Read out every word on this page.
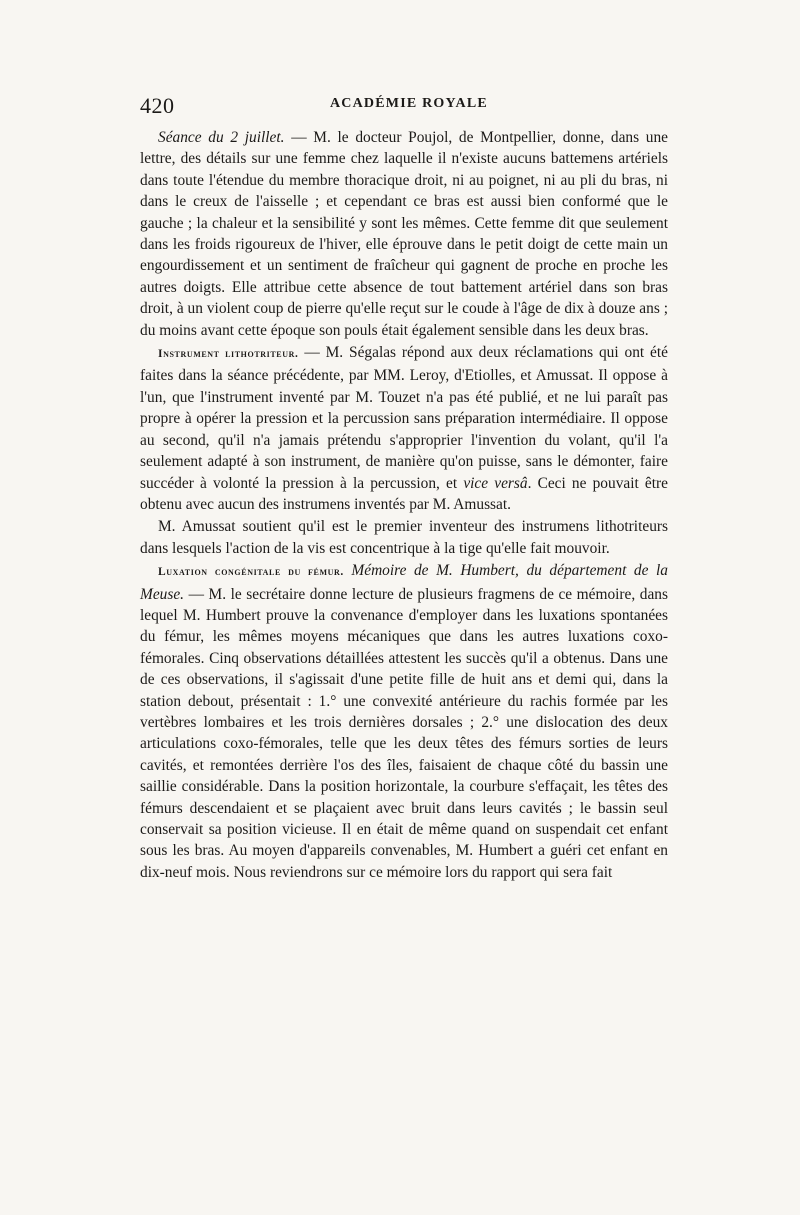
420	ACADÉMIE ROYALE

Séance du 2 juillet. — M. le docteur Poujol, de Montpellier, donne, dans une lettre, des détails sur une femme chez laquelle il n'existe aucuns battemens artériels dans toute l'étendue du membre thoracique droit, ni au poignet, ni au pli du bras, ni dans le creux de l'aisselle ; et cependant ce bras est aussi bien conformé que le gauche ; la chaleur et la sensibilité y sont les mêmes. Cette femme dit que seulement dans les froids rigoureux de l'hiver, elle éprouve dans le petit doigt de cette main un engourdissement et un sentiment de fraîcheur qui gagnent de proche en proche les autres doigts. Elle attribue cette absence de tout battement artériel dans son bras droit, à un violent coup de pierre qu'elle reçut sur le coude à l'âge de dix à douze ans ; du moins avant cette époque son pouls était également sensible dans les deux bras.

Instrument lithotriteur. — M. Ségalas répond aux deux réclamations qui ont été faites dans la séance précédente, par MM. Leroy, d'Etiolles, et Amussat. Il oppose à l'un, que l'instrument inventé par M. Touzet n'a pas été publié, et ne lui paraît pas propre à opérer la pression et la percussion sans préparation intermédiaire. Il oppose au second, qu'il n'a jamais prétendu s'approprier l'invention du volant, qu'il l'a seulement adapté à son instrument, de manière qu'on puisse, sans le démonter, faire succéder à volonté la pression à la percussion, et vice versâ. Ceci ne pouvait être obtenu avec aucun des instrumens inventés par M. Amussat.

M. Amussat soutient qu'il est le premier inventeur des instrumens lithotriteurs dans lesquels l'action de la vis est concentrique à la tige qu'elle fait mouvoir.

Luxation congénitale du fémur. Mémoire de M. Humbert, du département de la Meuse. — M. le secrétaire donne lecture de plusieurs fragmens de ce mémoire, dans lequel M. Humbert prouve la convenance d'employer dans les luxations spontanées du fémur, les mêmes moyens mécaniques que dans les autres luxations coxo-fémorales. Cinq observations détaillées attestent les succès qu'il a obtenus. Dans une de ces observations, il s'agissait d'une petite fille de huit ans et demi qui, dans la station debout, présentait : 1.° une convexité antérieure du rachis formée par les vertèbres lombaires et les trois dernières dorsales ; 2.° une dislocation des deux articulations coxo-fémorales, telle que les deux têtes des fémurs sorties de leurs cavités, et remontées derrière l'os des îles, faisaient de chaque côté du bassin une saillie considérable. Dans la position horizontale, la courbure s'effaçait, les têtes des fémurs descendaient et se plaçaient avec bruit dans leurs cavités ; le bassin seul conservait sa position vicieuse. Il en était de même quand on suspendait cet enfant sous les bras. Au moyen d'appareils convenables, M. Humbert a guéri cet enfant en dix-neuf mois. Nous reviendrons sur ce mémoire lors du rapport qui sera fait
